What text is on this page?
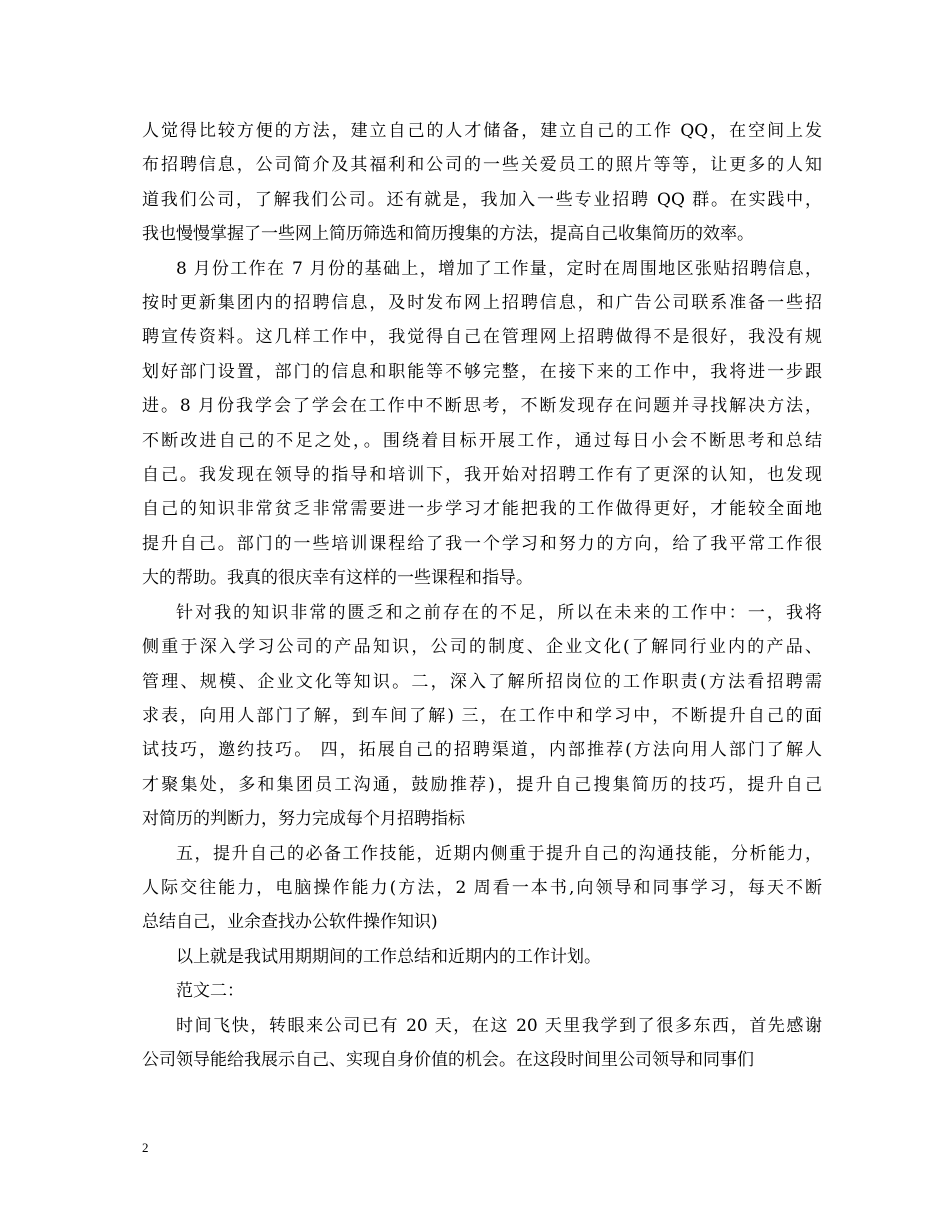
人觉得比较方便的方法，建立自己的人才储备，建立自己的工作 QQ，在空间上发
布招聘信息，公司简介及其福利和公司的一些关爱员工的照片等等，让更多的人知
道我们公司，了解我们公司。还有就是，我加入一些专业招聘 QQ 群。在实践中，
我也慢慢掌握了一些网上简历筛选和简历搜集的方法，提高自己收集简历的效率。

8 月份工作在 7 月份的基础上，增加了工作量，定时在周围地区张贴招聘信息，
按时更新集团内的招聘信息，及时发布网上招聘信息，和广告公司联系准备一些招
聘宣传资料。这几样工作中，我觉得自己在管理网上招聘做得不是很好，我没有规
划好部门设置，部门的信息和职能等不够完整，在接下来的工作中，我将进一步跟
进。8 月份我学会了学会在工作中不断思考，不断发现存在问题并寻找解决方法，
不断改进自己的不足之处，。围绕着目标开展工作，通过每日小会不断思考和总结
自己。我发现在领导的指导和培训下，我开始对招聘工作有了更深的认知，也发现
自己的知识非常贫乏非常需要进一步学习才能把我的工作做得更好，才能较全面地
提升自己。部门的一些培训课程给了我一个学习和努力的方向，给了我平常工作很
大的帮助。我真的很庆幸有这样的一些课程和指导。

针对我的知识非常的匮乏和之前存在的不足，所以在未来的工作中：一，我将
侧重于深入学习公司的产品知识，公司的制度、企业文化(了解同行业内的产品、
管理、规模、企业文化等知识。二，深入了解所招岗位的工作职责(方法看招聘需
求表，向用人部门了解，到车间了解) 三，在工作中和学习中，不断提升自己的面
试技巧，邀约技巧。 四，拓展自己的招聘渠道，内部推荐(方法向用人部门了解人
才聚集处，多和集团员工沟通，鼓励推荐)，提升自己搜集简历的技巧，提升自己
对简历的判断力，努力完成每个月招聘指标

五，提升自己的必备工作技能，近期内侧重于提升自己的沟通技能，分析能力，
人际交往能力，电脑操作能力(方法，2 周看一本书,向领导和同事学习，每天不断
总结自己，业余查找办公软件操作知识)

以上就是我试用期期间的工作总结和近期内的工作计划。

范文二：

时间飞快，转眼来公司已有 20 天，在这 20 天里我学到了很多东西，首先感谢
公司领导能给我展示自己、实现自身价值的机会。在这段时间里公司领导和同事们

2
